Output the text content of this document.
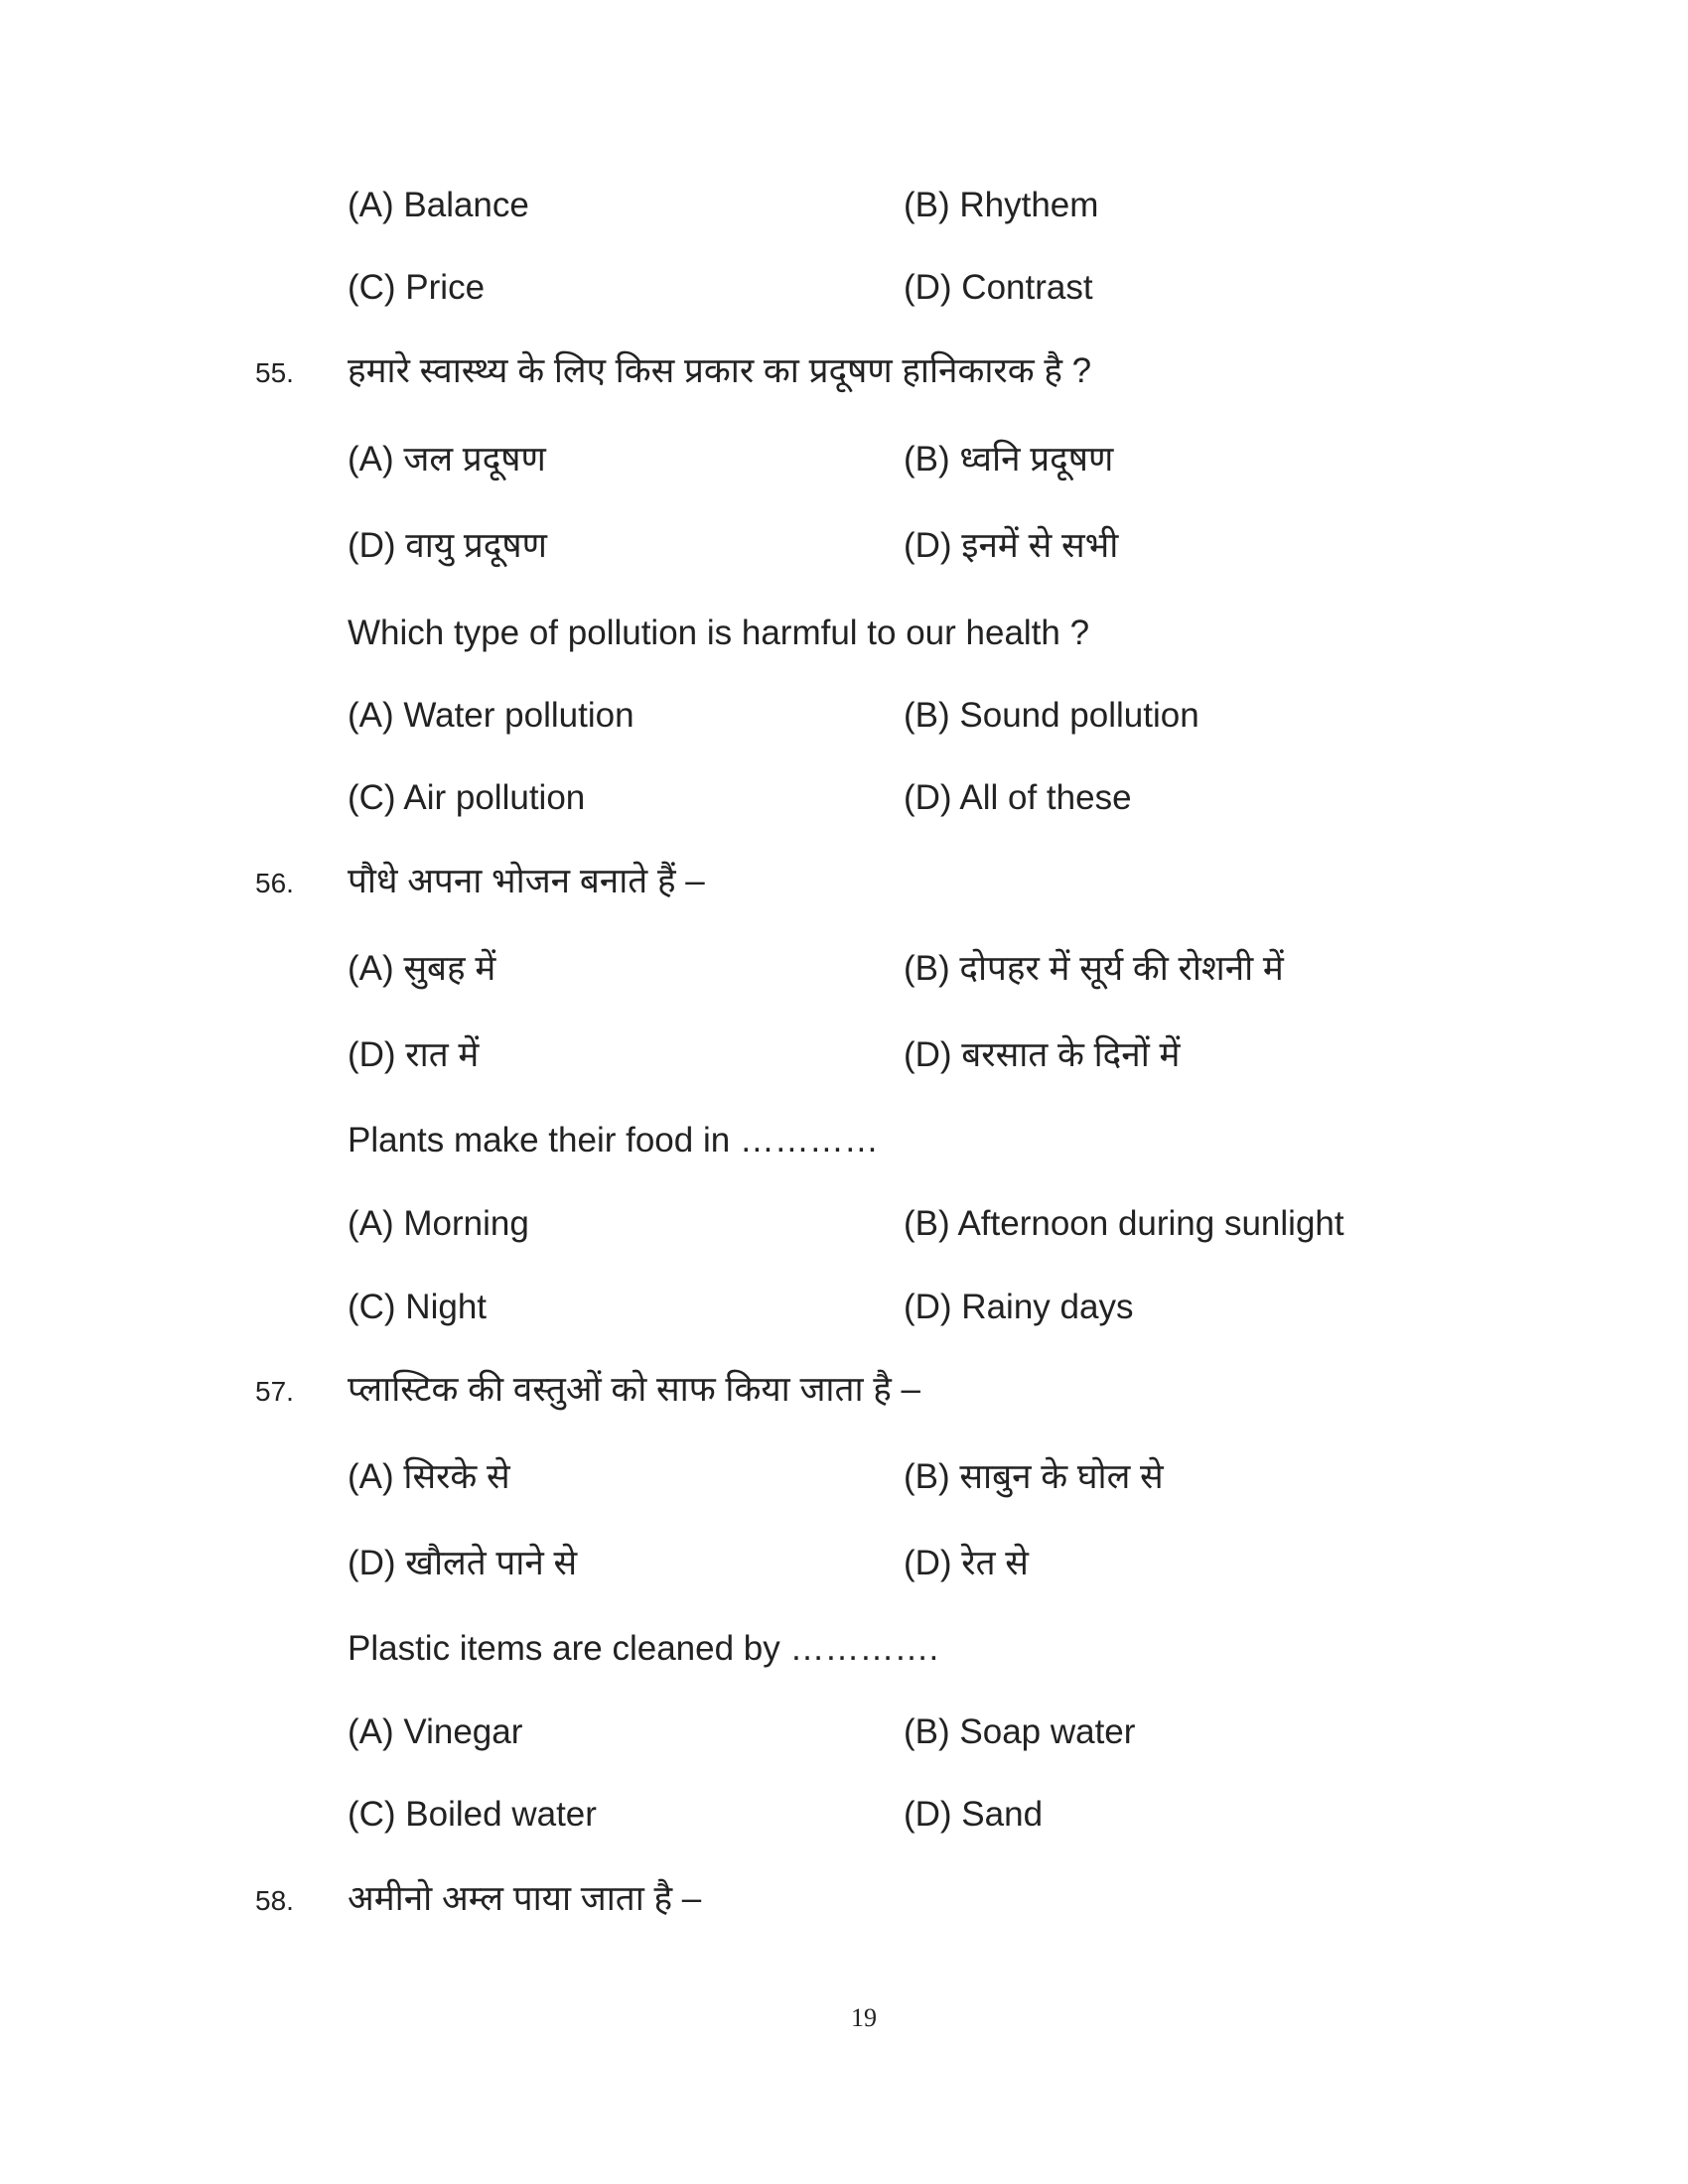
(A) Balance	(B) Rhythem
(C) Price	(D) Contrast
55. हमारे स्वास्थ्य के लिए किस प्रकार का प्रदूषण हानिकारक है ?
(A) जल प्रदूषण	(B) ध्वनि प्रदूषण
(D) वायु प्रदूषण	(D) इनमें से सभी
Which type of pollution is harmful to our health ?
(A) Water pollution	(B) Sound pollution
(C) Air pollution	(D) All of these
56. पौधे अपना भोजन बनाते हैं –
(A) सुबह में	(B) दोपहर में सूर्य की रोशनी में
(D) रात में	(D) बरसात के दिनों में
Plants make their food in …………
(A) Morning	(B) Afternoon during sunlight
(C) Night	(D) Rainy days
57. प्लास्टिक की वस्तुओं को साफ किया जाता है –
(A) सिरके से	(B) साबुन के घोल से
(D) खौलते पाने से	(D) रेत से
Plastic items are cleaned by ………….
(A) Vinegar	(B) Soap water
(C) Boiled water	(D) Sand
58. अमीनो अम्ल पाया जाता है –
19
